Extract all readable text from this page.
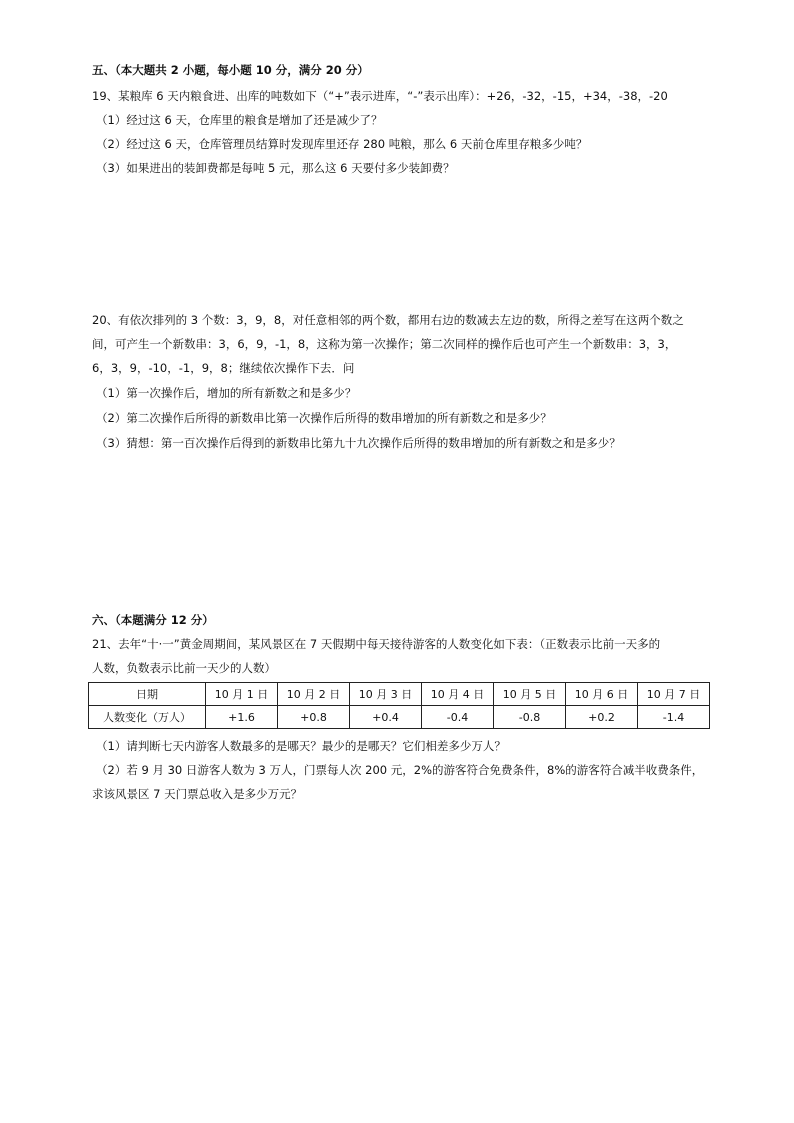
五、（本大题共 2 小题，每小题 10 分，满分 20 分）
19、某粮库 6 天内粮食进、出库的吨数如下（“+”表示进库，“-”表示出库）：+26，-32，-15，+34，-38，-20
（1）经过这 6 天，仓库里的粮食是增加了还是减少了？
（2）经过这 6 天，仓库管理员结算时发现库里还存 280 吨粮，那么 6 天前仓库里存粮多少吨？
（3）如果进出的装卸费都是每吨 5 元，那么这 6 天要付多少装卸费？
20、有依次排列的 3 个数：3，9，8，对任意相邻的两个数，都用右边的数减去左边的数，所得之差写在这两个数之
间，可产生一个新数串：3，6，9，-1，8，这称为第一次操作；第二次同样的操作后也可产生一个新数串：3，3，
6，3，9，-10，-1，9，8；继续依次操作下去．问
（1）第一次操作后，增加的所有新数之和是多少？
（2）第二次操作后所得的新数串比第一次操作后所得的数串增加的所有新数之和是多少？
（3）猜想：第一百次操作后得到的新数串比第九十九次操作后所得的数串增加的所有新数之和是多少？
六、（本题满分 12 分）
21、去年“十·一”黄金周期间，某风景区在 7 天假期中每天接待游客的人数变化如下表：（正数表示比前一天多的
人数，负数表示比前一天少的人数）
日期	10 月 1 日	10 月 2 日	10 月 3 日	10 月 4 日	10 月 5 日	10 月 6 日	10 月 7 日
人数变化（万人）	+1.6	+0.8	+0.4	-0.4	-0.8	+0.2	-1.4
（1）请判断七天内游客人数最多的是哪天？最少的是哪天？它们相差多少万人？
（2）若 9 月 30 日游客人数为 3 万人，门票每人次 200 元，2%的游客符合免费条件，8%的游客符合减半收费条件，
求该风景区 7 天门票总收入是多少万元？
